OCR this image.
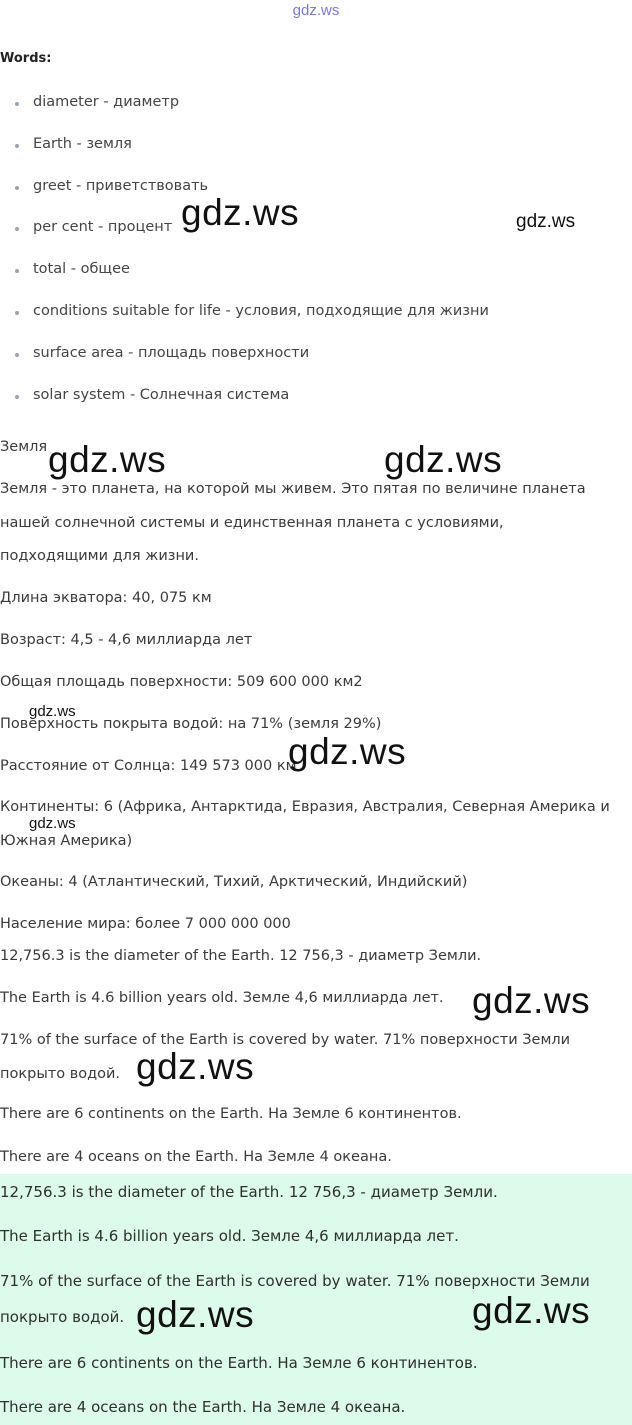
gdz.ws
Words:
diameter - диаметр
Earth - земля
greet - приветствовать
per cent - процент
total - общее
conditions suitable for life - условия, подходящие для жизни
surface area - площадь поверхности
solar system - Солнечная система
Земля
Земля - это планета, на которой мы живем. Это пятая по величине планета
нашей солнечной системы и единственная планета с условиями,
подходящими для жизни.
Длина экватора: 40, 075 км
Возраст: 4,5 - 4,6 миллиарда лет
Общая площадь поверхности: 509 600 000 км2
Поверхность покрыта водой: на 71% (земля 29%)
Расстояние от Солнца: 149 573 000 км
Континенты: 6 (Африка, Антарктида, Евразия, Австралия, Северная Америка и
Южная Америка)
Океаны: 4 (Атлантический, Тихий, Арктический, Индийский)
Население мира: более 7 000 000 000
12,756.3 is the diameter of the Earth. 12 756,3 - диаметр Земли.
The Earth is 4.6 billion years old. Земле 4,6 миллиарда лет.
71% of the surface of the Earth is covered by water. 71% поверхности Земли
покрыто водой.
There are 6 continents on the Earth. На Земле 6 континентов.
There are 4 oceans on the Earth. На Земле 4 океана.
12,756.3 is the diameter of the Earth. 12 756,3 - диаметр Земли.
The Earth is 4.6 billion years old. Земле 4,6 миллиарда лет.
71% of the surface of the Earth is covered by water. 71% поверхности Земли
покрыто водой.
There are 6 continents on the Earth. На Земле 6 континентов.
There are 4 oceans on the Earth. На Земле 4 океана.
gdz.ws	gdz.ws
gdz.ws	gdz.ws
gdz.ws
gdz.ws
gdz.ws
gdz.ws
gdz.ws
gdz.ws	gdz.ws
